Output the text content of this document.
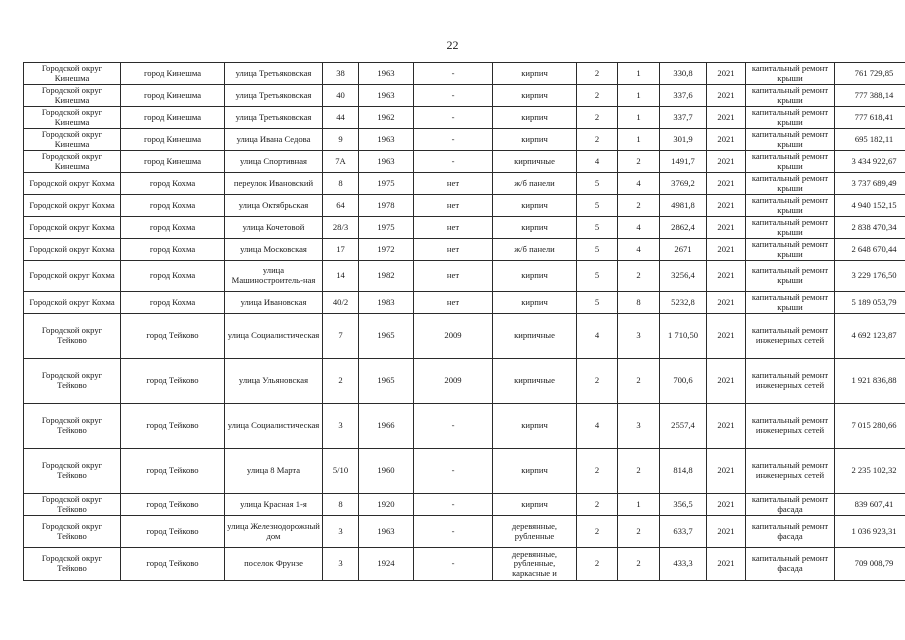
22
Городской округ Кинешма	город Кинешма	улица Третьяковская	38	1963	-	кирпич	2	1	330,8	2021	капитальный ремонт крыши	761 729,85
Городской округ Кинешма	город Кинешма	улица Третьяковская	40	1963	-	кирпич	2	1	337,6	2021	капитальный ремонт крыши	777 388,14
Городской округ Кинешма	город Кинешма	улица Третьяковская	44	1962	-	кирпич	2	1	337,7	2021	капитальный ремонт крыши	777 618,41
Городской округ Кинешма	город Кинешма	улица Ивана Седова	9	1963	-	кирпич	2	1	301,9	2021	капитальный ремонт крыши	695 182,11
Городской округ Кинешма	город Кинешма	улица Спортивная	7А	1963	-	кирпичные	4	2	1491,7	2021	капитальный ремонт крыши	3 434 922,67
Городской округ Кохма	город Кохма	переулок Ивановский	8	1975	нет	ж/б панели	5	4	3769,2	2021	капитальный ремонт крыши	3 737 689,49
Городской округ Кохма	город Кохма	улица Октябрьская	64	1978	нет	кирпич	5	2	4981,8	2021	капитальный ремонт крыши	4 940 152,15
Городской округ Кохма	город Кохма	улица Кочетовой	28/3	1975	нет	кирпич	5	4	2862,4	2021	капитальный ремонт крыши	2 838 470,34
Городской округ Кохма	город Кохма	улица Московская	17	1972	нет	ж/б панели	5	4	2671	2021	капитальный ремонт крыши	2 648 670,44
Городской округ Кохма	город Кохма	улица Машиностроитель-ная	14	1982	нет	кирпич	5	2	3256,4	2021	капитальный ремонт крыши	3 229 176,50
Городской округ Кохма	город Кохма	улица Ивановская	40/2	1983	нет	кирпич	5	8	5232,8	2021	капитальный ремонт крыши	5 189 053,79
Городской округ Тейково	город Тейково	улица Социалистическая	7	1965	2009	кирпичные	4	3	1 710,50	2021	капитальный ремонт инженерных сетей	4 692 123,87
Городской округ Тейково	город Тейково	улица Ульяновская	2	1965	2009	кирпичные	2	2	700,6	2021	капитальный ремонт инженерных сетей	1 921 836,88
Городской округ Тейково	город Тейково	улица Социалистическая	3	1966	-	кирпич	4	3	2557,4	2021	капитальный ремонт инженерных сетей	7 015 280,66
Городской округ Тейково	город Тейково	улица 8 Марта	5/10	1960	-	кирпич	2	2	814,8	2021	капитальный ремонт инженерных сетей	2 235 102,32
Городской округ Тейково	город Тейково	улица Красная 1-я	8	1920	-	кирпич	2	1	356,5	2021	капитальный ремонт фасада	839 607,41
Городской округ Тейково	город Тейково	улица Железнодорожный дом	3	1963	-	деревянные, рубленные	2	2	633,7	2021	капитальный ремонт фасада	1 036 923,31
Городской округ Тейково	город Тейково	поселок Фрунзе	3	1924	-	деревянные, рубленные, каркасные и	2	2	433,3	2021	капитальный ремонт фасада	709 008,79
